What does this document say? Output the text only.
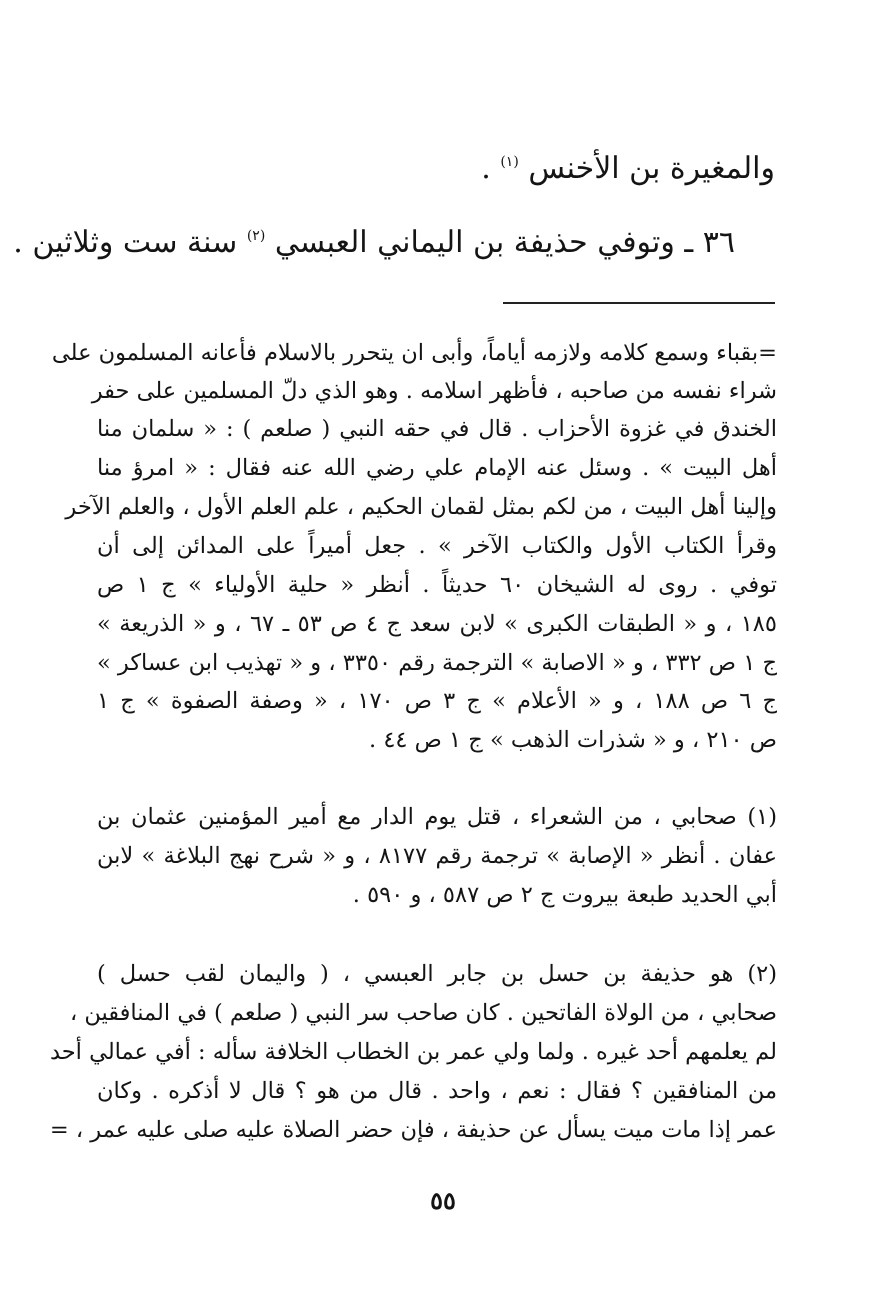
والمغيرة بن الأخنس $^{(١)}$ .
٣٦ ـ وتوفي حذيفة بن اليماني العبسي $^{(٢)}$ سنة ست وثلاثين .
=بقباء وسمع كلامه ولازمه أياماً، وأبى ان يتحرر بالاسلام فأعانه المسلمون على
شراء نفسه من صاحبه ، فأظهر اسلامه . وهو الذي دلّ المسلمين على حفر
الخندق في غزوة الأحزاب . قال في حقه النبي ( صلعم ) : « سلمان منا
أهل البيت » . وسئل عنه الإمام علي رضي الله عنه فقال : « امرؤ منا
وإلينا أهل البيت ، من لكم بمثل لقمان الحكيم ، علم العلم الأول ، والعلم الآخر
وقرأ الكتاب الأول والكتاب الآخر » . جعل أميراً على المدائن إلى أن
توفي . روى له الشيخان ٦٠ حديثاً . أنظر « حلية الأولياء » ج ١ ص
١٨٥ ، و « الطبقات الكبرى » لابن سعد ج ٤ ص ٥٣ ـ ٦٧ ، و « الذريعة »
ج ١ ص ٣٣٢ ، و « الاصابة » الترجمة رقم ٣٣٥٠ ، و « تهذيب ابن عساكر »
ج ٦ ص ١٨٨ ، و « الأعلام » ج ٣ ص ١٧٠ ، « وصفة الصفوة » ج ١
ص ٢١٠ ، و « شذرات الذهب » ج ١ ص ٤٤ .
(١) صحابي ، من الشعراء ، قتل يوم الدار مع أمير المؤمنين عثمان بن
عفان . أنظر « الإصابة » ترجمة رقم ٨١٧٧ ، و « شرح نهج البلاغة » لابن
أبي الحديد طبعة بيروت ج ٢ ص ٥٨٧ ، و ٥٩٠ .
(٢) هو حذيفة بن حسل بن جابر العبسي ، ( واليمان لقب حسل )
صحابي ، من الولاة الفاتحين . كان صاحب سر النبي ( صلعم ) في المنافقين ،
لم يعلمهم أحد غيره . ولما ولي عمر بن الخطاب الخلافة سأله : أفي عمالي أحد
من المنافقين ؟ فقال : نعم ، واحد . قال من هو ؟ قال لا أذكره . وكان
عمر إذا مات ميت يسأل عن حذيفة ، فإن حضر الصلاة عليه صلى عليه عمر ، =
٥٥
